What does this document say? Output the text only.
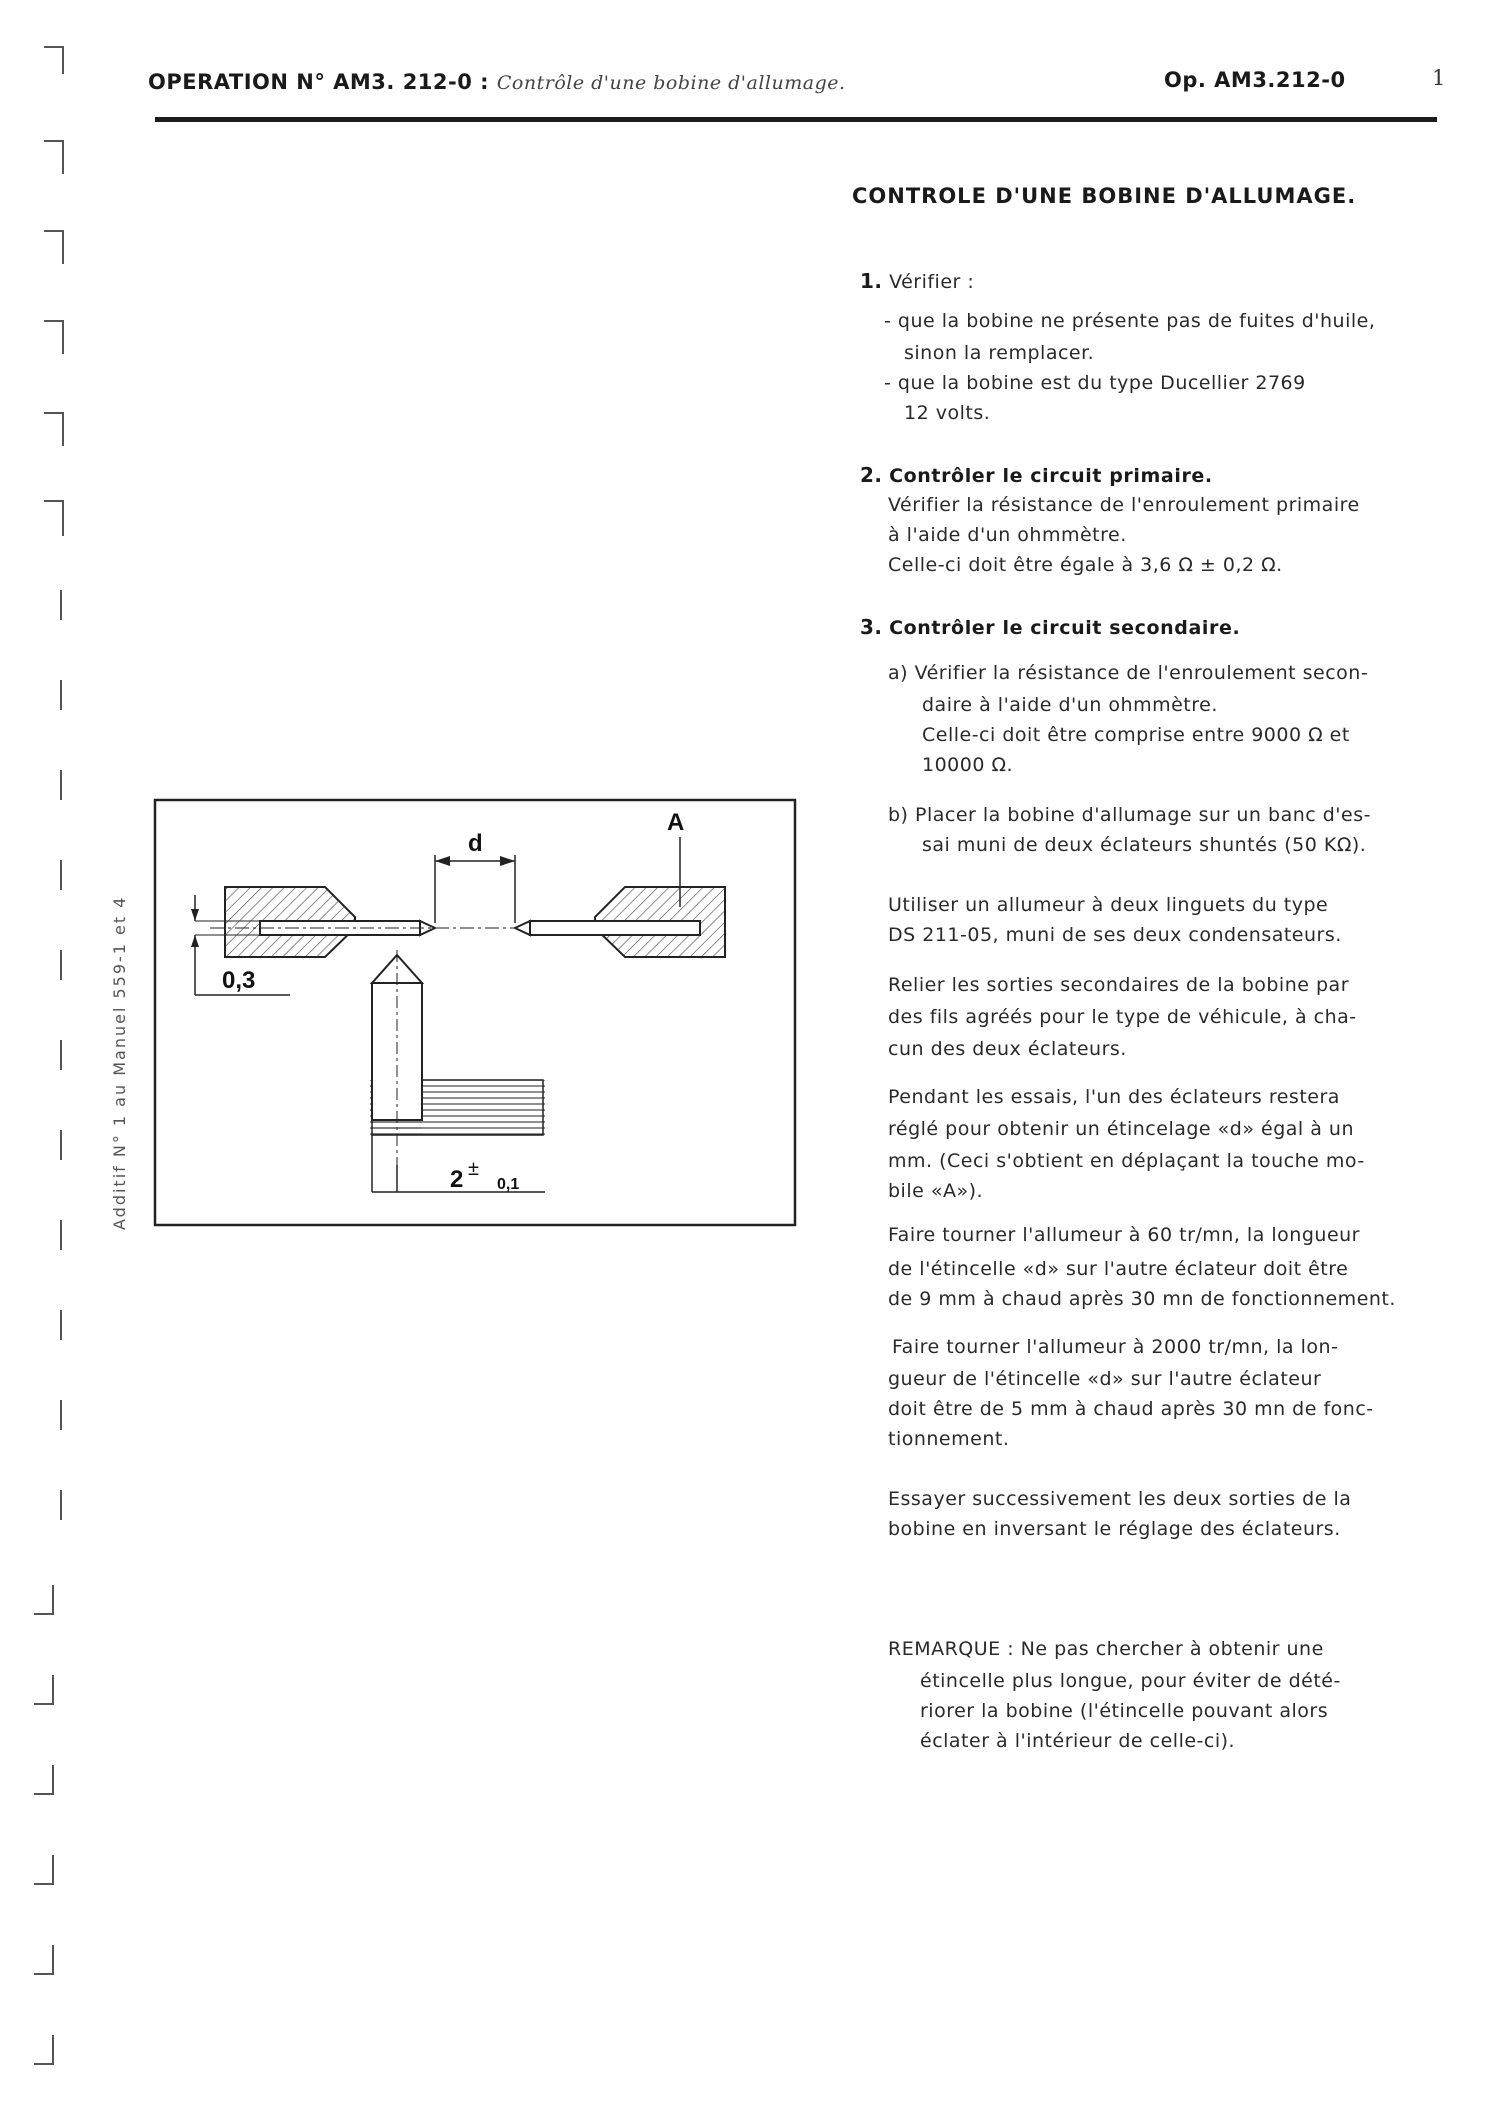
OPERATION N° AM3. 212-0 : Contrôle d'une bobine d'allumage.	Op. AM3.212-0	1
CONTROLE D'UNE BOBINE D'ALLUMAGE.
Additif N° 1 au Manuel 559-1 et 4
1. Vérifier :
- que la bobine ne présente pas de fuites d'huile,
sinon la remplacer.
- que la bobine est du type Ducellier 2769
12 volts.
2. Contrôler le circuit primaire.
Vérifier la résistance de l'enroulement primaire
à l'aide d'un ohmmètre.
Celle-ci doit être égale à 3,6 Ω ± 0,2 Ω.
3. Contrôler le circuit secondaire.
a) Vérifier la résistance de l'enroulement secon-
daire à l'aide d'un ohmmètre.
Celle-ci doit être comprise entre 9000 Ω et
10000 Ω.
b) Placer la bobine d'allumage sur un banc d'es-
sai muni de deux éclateurs shuntés (50 KΩ).
Utiliser un allumeur à deux linguets du type
DS 211-05, muni de ses deux condensateurs.
Relier les sorties secondaires de la bobine par
des fils agréés pour le type de véhicule, à cha-
cun des deux éclateurs.
Pendant les essais, l'un des éclateurs restera
réglé pour obtenir un étincelage «d» égal à un
mm. (Ceci s'obtient en déplaçant la touche mo-
bile «A»).
Faire tourner l'allumeur à 60 tr/mn, la longueur
de l'étincelle «d» sur l'autre éclateur doit être
de 9 mm à chaud après 30 mn de fonctionnement.
Faire tourner l'allumeur à 2000 tr/mn, la lon-
gueur de l'étincelle «d» sur l'autre éclateur
doit être de 5 mm à chaud après 30 mn de fonc-
tionnement.
Essayer successivement les deux sorties de la
bobine en inversant le réglage des éclateurs.
REMARQUE : Ne pas chercher à obtenir une
étincelle plus longue, pour éviter de dété-
riorer la bobine (l'étincelle pouvant alors
éclater à l'intérieur de celle-ci).
d
A
0,3
2 ±
0,1
